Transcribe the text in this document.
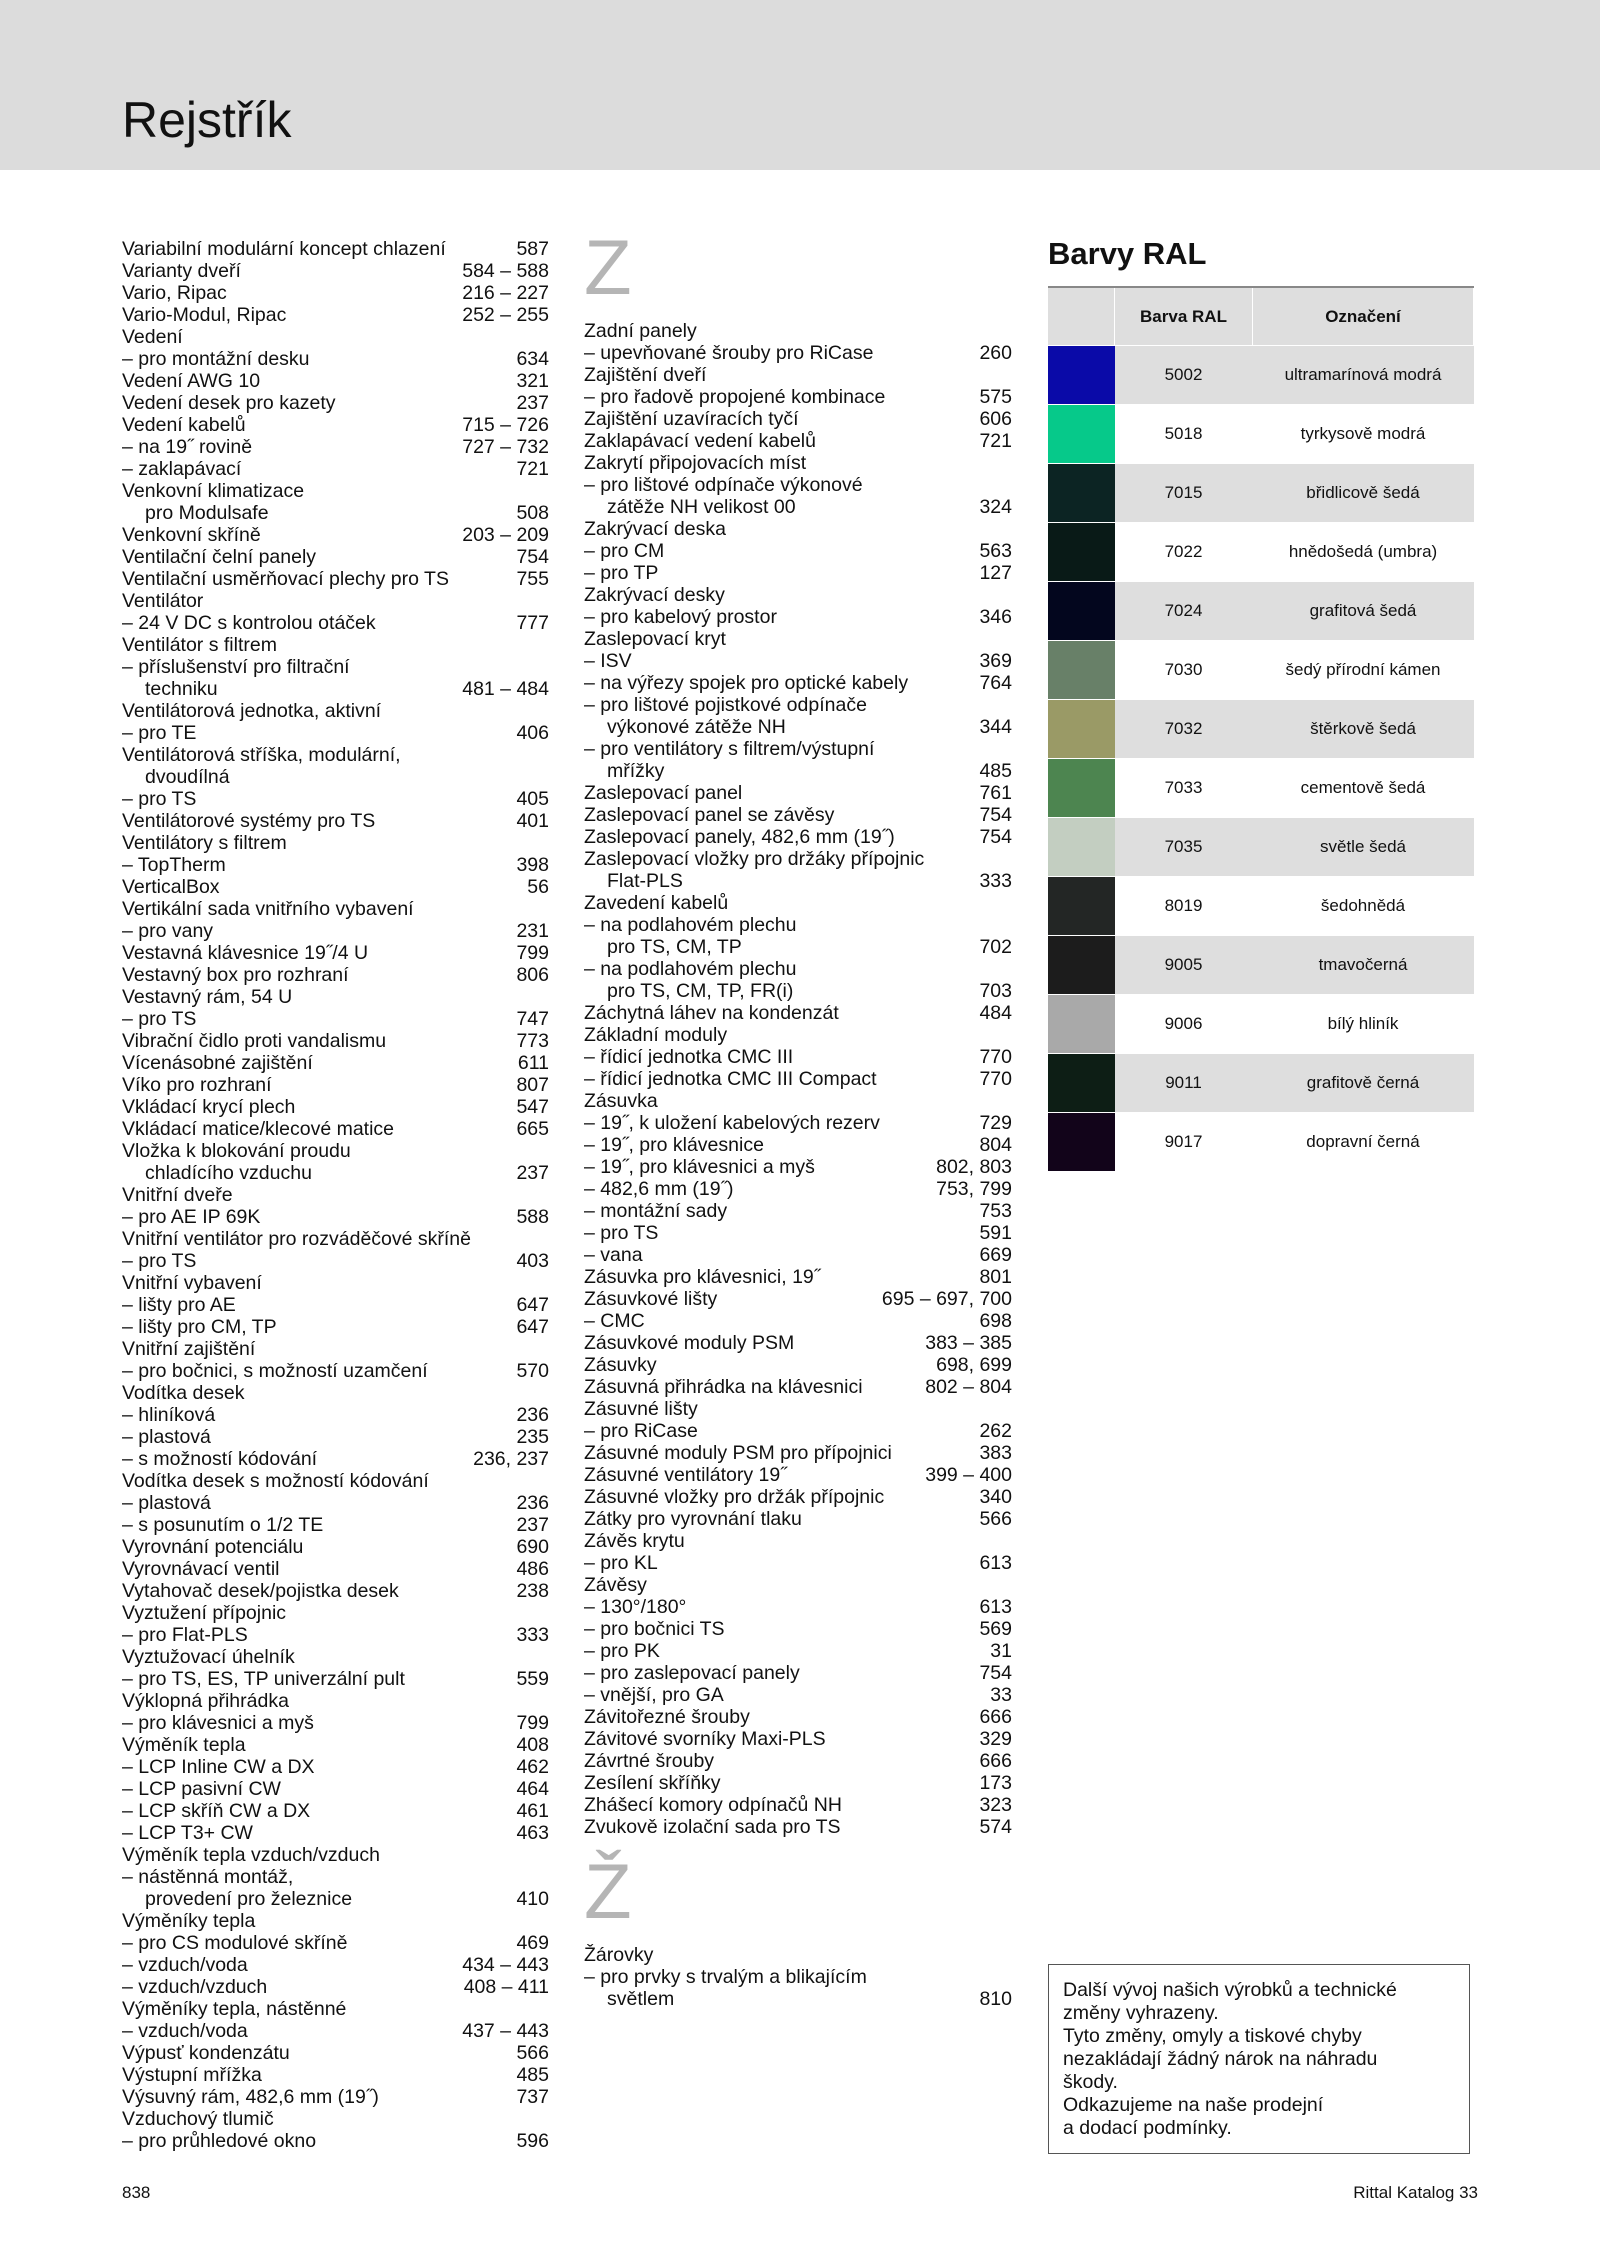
Rejstřík
Variabilní modulární koncept chlazení	587
Varianty dveří	584 – 588
Vario, Ripac	216 – 227
Vario-Modul, Ripac	252 – 255
Vedení
– pro montážní desku	634
Vedení AWG 10	321
Vedení desek pro kazety	237
Vedení kabelů	715 – 726
– na 19˝ rovině	727 – 732
– zaklapávací	721
Venkovní klimatizace
pro Modulsafe	508
Venkovní skříně	203 – 209
Ventilační čelní panely	754
Ventilační usměrňovací plechy pro TS	755
Ventilátor
– 24 V DC s kontrolou otáček	777
Ventilátor s filtrem
– příslušenství pro filtrační
techniku	481 – 484
Ventilátorová jednotka, aktivní
– pro TE	406
Ventilátorová stříška, modulární,
dvoudílná
– pro TS	405
Ventilátorové systémy pro TS	401
Ventilátory s filtrem
– TopTherm	398
VerticalBox	56
Vertikální sada vnitřního vybavení
– pro vany	231
Vestavná klávesnice 19˝/4 U	799
Vestavný box pro rozhraní	806
Vestavný rám, 54 U
– pro TS	747
Vibrační čidlo proti vandalismu	773
Vícenásobné zajištění	611
Víko pro rozhraní	807
Vkládací krycí plech	547
Vkládací matice/klecové matice	665
Vložka k blokování proudu
chladícího vzduchu	237
Vnitřní dveře
– pro AE IP 69K	588
Vnitřní ventilátor pro rozváděčové skříně
– pro TS	403
Vnitřní vybavení
– lišty pro AE	647
– lišty pro CM, TP	647
Vnitřní zajištění
– pro bočnici, s možností uzamčení	570
Vodítka desek
– hliníková	236
– plastová	235
– s možností kódování	236, 237
Vodítka desek s možností kódování
– plastová	236
– s posunutím o 1/2 TE	237
Vyrovnání potenciálu	690
Vyrovnávací ventil	486
Vytahovač desek/pojistka desek	238
Vyztužení přípojnic
– pro Flat-PLS	333
Vyztužovací úhelník
– pro TS, ES, TP univerzální pult	559
Výklopná přihrádka
– pro klávesnici a myš	799
Výměník tepla	408
– LCP Inline CW a DX	462
– LCP pasivní CW	464
– LCP skříň CW a DX	461
– LCP T3+ CW	463
Výměník tepla vzduch/vzduch
– nástěnná montáž,
provedení pro železnice	410
Výměníky tepla
– pro CS modulové skříně	469
– vzduch/voda	434 – 443
– vzduch/vzduch	408 – 411
Výměníky tepla, nástěnné
– vzduch/voda	437 – 443
Výpusť kondenzátu	566
Výstupní mřížka	485
Výsuvný rám, 482,6 mm (19˝)	737
Vzduchový tlumič
– pro průhledové okno	596
Z
Zadní panely
– upevňované šrouby pro RiCase	260
Zajištění dveří
– pro řadově propojené kombinace	575
Zajištění uzavíracích tyčí	606
Zaklapávací vedení kabelů	721
Zakrytí připojovacích míst
– pro lištové odpínače výkonové
zátěže NH velikost 00	324
Zakrývací deska
– pro CM	563
– pro TP	127
Zakrývací desky
– pro kabelový prostor	346
Zaslepovací kryt
– ISV	369
– na výřezy spojek pro optické kabely	764
– pro lištové pojistkové odpínače
výkonové zátěže NH	344
– pro ventilátory s filtrem/výstupní
mřížky	485
Zaslepovací panel	761
Zaslepovací panel se závěsy	754
Zaslepovací panely, 482,6 mm (19˝)	754
Zaslepovací vložky pro držáky přípojnic
Flat-PLS	333
Zavedení kabelů
– na podlahovém plechu
pro TS, CM, TP	702
– na podlahovém plechu
pro TS, CM, TP, FR(i)	703
Záchytná láhev na kondenzát	484
Základní moduly
– řídicí jednotka CMC III	770
– řídicí jednotka CMC III Compact	770
Zásuvka
– 19˝, k uložení kabelových rezerv	729
– 19˝, pro klávesnice	804
– 19˝, pro klávesnici a myš	802, 803
– 482,6 mm (19˝)	753, 799
– montážní sady	753
– pro TS	591
– vana	669
Zásuvka pro klávesnici, 19˝	801
Zásuvkové lišty	695 – 697, 700
– CMC	698
Zásuvkové moduly PSM	383 – 385
Zásuvky	698, 699
Zásuvná přihrádka na klávesnici	802 – 804
Zásuvné lišty
– pro RiCase	262
Zásuvné moduly PSM pro přípojnici	383
Zásuvné ventilátory 19˝	399 – 400
Zásuvné vložky pro držák přípojnic	340
Zátky pro vyrovnání tlaku	566
Závěs krytu
– pro KL	613
Závěsy
– 130°/180°	613
– pro bočnici TS	569
– pro PK	31
– pro zaslepovací panely	754
– vnější, pro GA	33
Závitořezné šrouby	666
Závitové svorníky Maxi-PLS	329
Závrtné šrouby	666
Zesílení skříňky	173
Zhášecí komory odpínačů NH	323
Zvukově izolační sada pro TS	574
Ž
Žárovky
– pro prvky s trvalým a blikajícím
světlem	810
Barvy RAL
	Barva RAL	Označení
	5002	ultramarínová modrá
	5018	tyrkysově modrá
	7015	břidlicově šedá
	7022	hnědošedá (umbra)
	7024	grafitová šedá
	7030	šedý přírodní kámen
	7032	štěrkově šedá
	7033	cementově šedá
	7035	světle šedá
	8019	šedohnědá
	9005	tmavočerná
	9006	bílý hliník
	9011	grafitově černá
	9017	dopravní černá
Další vývoj našich výrobků a technické
změny vyhrazeny.
Tyto změny, omyly a tiskové chyby
nezakládají žádný nárok na náhradu
škody.
Odkazujeme na naše prodejní
a dodací podmínky.
838	Rittal Katalog 33
